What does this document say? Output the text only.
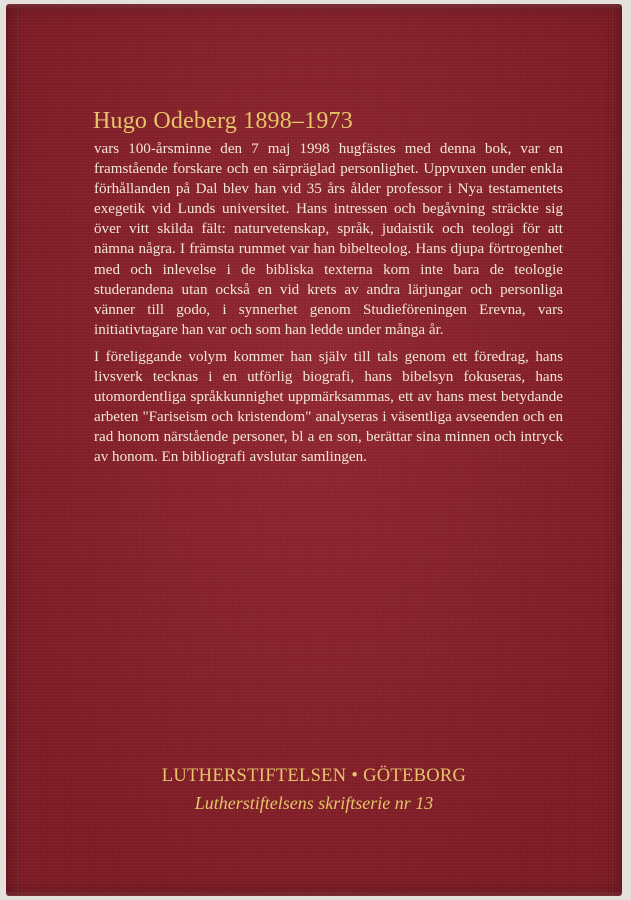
Hugo Odeberg 1898–1973

vars 100-årsminne den 7 maj 1998 hugfästes med denna bok, var en framstående forskare och en särpräglad personlighet. Uppvuxen under enkla förhållanden på Dal blev han vid 35 års ålder professor i Nya testamentets exegetik vid Lunds universitet. Hans intressen och begåvning sträckte sig över vitt skilda fält: naturvetenskap, språk, judaistik och teologi för att nämna några. I främsta rummet var han bibelteolog. Hans djupa förtrogenhet med och inlevelse i de bibliska texterna kom inte bara de teologie studerandena utan också en vid krets av andra lärjungar och personliga vänner till godo, i synnerhet genom Studieföreningen Erevna, vars initiativtagare han var och som han ledde under många år.

I föreliggande volym kommer han själv till tals genom ett föredrag, hans livsverk tecknas i en utförlig biografi, hans bibelsyn fokuseras, hans utomordentliga språkkunnighet uppmärksammas, ett av hans mest betydande arbeten "Fariseism och kristendom" analyseras i väsentliga avseenden och en rad honom närstående personer, bl a en son, berättar sina minnen och intryck av honom. En bibliografi avslutar samlingen.

LUTHERSTIFTELSEN • GÖTEBORG
Lutherstiftelsens skriftserie nr 13
